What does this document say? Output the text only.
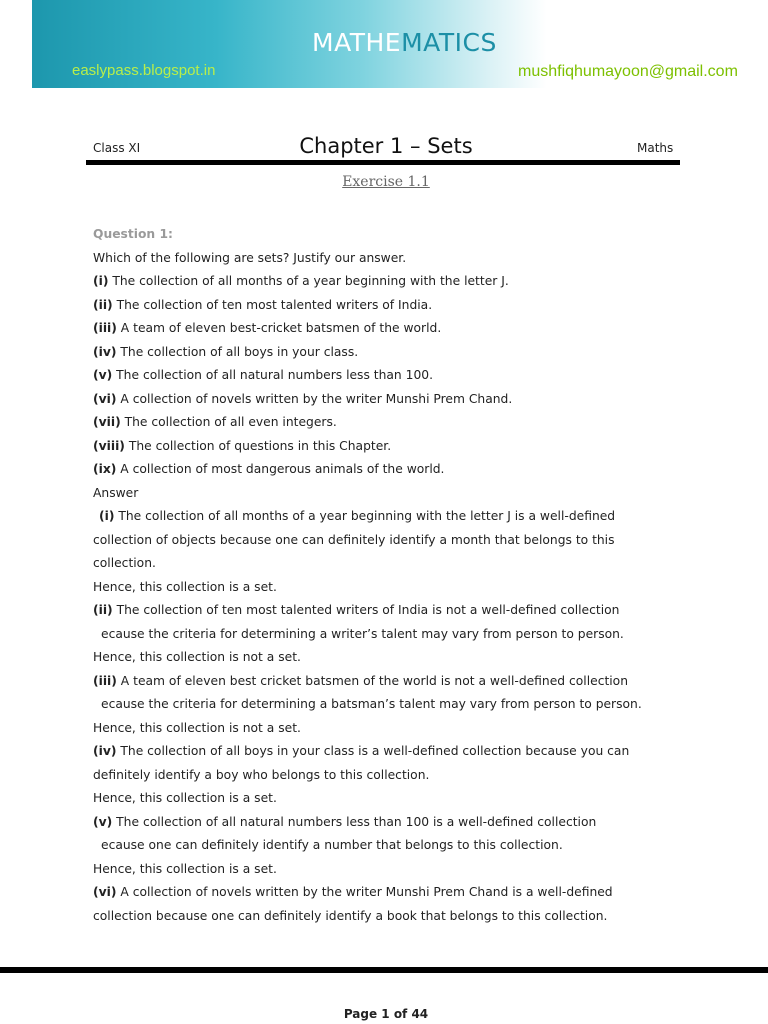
MATHEMATICS
easlypass.blogspot.in	mushfiqhumayoon@gmail.com
Class XI	Chapter 1 – Sets	Maths
Exercise 1.1
Question 1:
Which of the following are sets? Justify our answer.
(i) The collection of all months of a year beginning with the letter J.
(ii) The collection of ten most talented writers of India.
(iii) A team of eleven best-cricket batsmen of the world.
(iv) The collection of all boys in your class.
(v) The collection of all natural numbers less than 100.
(vi) A collection of novels written by the writer Munshi Prem Chand.
(vii) The collection of all even integers.
(viii) The collection of questions in this Chapter.
(ix) A collection of most dangerous animals of the world.
Answer
(i) The collection of all months of a year beginning with the letter J is a well-defined
collection of objects because one can definitely identify a month that belongs to this
collection.
Hence, this collection is a set.
(ii) The collection of ten most talented writers of India is not a well-defined collection
ecause the criteria for determining a writer’s talent may vary from person to person.
Hence, this collection is not a set.
(iii) A team of eleven best cricket batsmen of the world is not a well-defined collection
ecause the criteria for determining a batsman’s talent may vary from person to person.
Hence, this collection is not a set.
(iv) The collection of all boys in your class is a well-defined collection because you can
definitely identify a boy who belongs to this collection.
Hence, this collection is a set.
(v) The collection of all natural numbers less than 100 is a well-defined collection
ecause one can definitely identify a number that belongs to this collection.
Hence, this collection is a set.
(vi) A collection of novels written by the writer Munshi Prem Chand is a well-defined
collection because one can definitely identify a book that belongs to this collection.
Page 1 of 44
